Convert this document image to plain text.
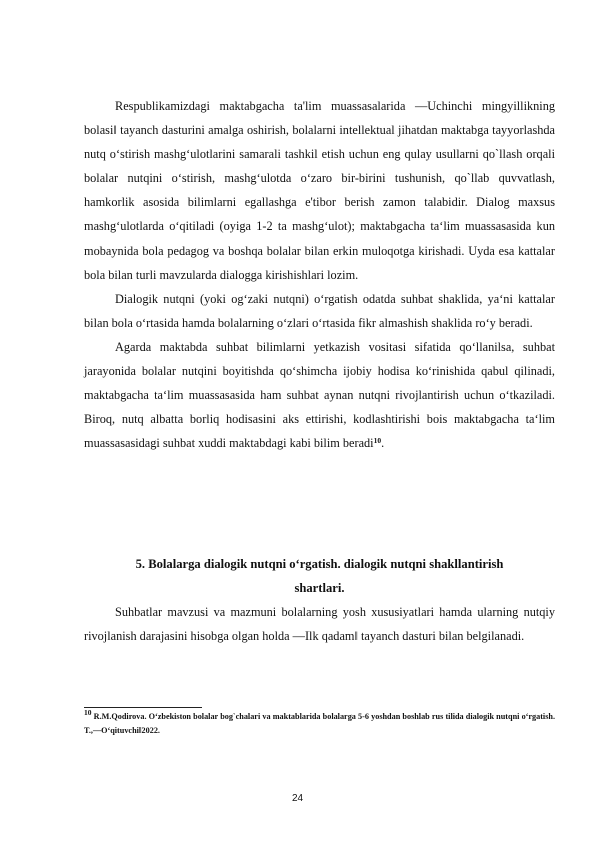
Respublikamizdagi maktabgacha ta'lim muassasalarida ―Uchinchi mingyillikning bolasi‖ tayanch dasturini amalga oshirish, bolalarni intellektual jihatdan maktabga tayyorlashda nutq o‘stirish mashg‘ulotlarini samarali tashkil etish uchun eng qulay usullarni qo`llash orqali bolalar nutqini o‘stirish, mashg‘ulotda o‘zaro bir-birini tushunish, qo`llab quvvatlash, hamkorlik asosida bilimlarni egallashga e'tibor berish zamon talabidir. Dialog maxsus mashg‘ulotlarda o‘qitiladi (oyiga 1-2 ta mashg‘ulot); maktabgacha ta‘lim muassasasida kun mobaynida bola pedagog va boshqa bolalar bilan erkin muloqotga kirishadi. Uyda esa kattalar bola bilan turli mavzularda dialogga kirishishlari lozim.

Dialogik nutqni (yoki og‘zaki nutqni) o‘rgatish odatda suhbat shaklida, ya‘ni kattalar bilan bola o‘rtasida hamda bolalarning o‘zlari o‘rtasida fikr almashish shaklida ro‘y beradi.

Agarda maktabda suhbat bilimlarni yetkazish vositasi sifatida qo‘llanilsa, suhbat jarayonida bolalar nutqini boyitishda qo‘shimcha ijobiy hodisa ko‘rinishida qabul qilinadi, maktabgacha ta‘lim muassasasida ham suhbat aynan nutqni rivojlantirish uchun o‘tkaziladi. Biroq, nutq albatta borliq hodisasini aks ettirishi, kodlashtirishi bois maktabgacha ta‘lim muassasasidagi suhbat xuddi maktabdagi kabi bilim beradi$^{10}$.

5. Bolalarga dialogik nutqni o‘rgatish. dialogik nutqni shakllantirish
shartlari.

Suhbatlar mavzusi va mazmuni bolalarning yosh xususiyatlari hamda ularning nutqiy rivojlanish darajasini hisobga olgan holda ―Ilk qadam‖ tayanch dasturi bilan belgilanadi.

$^{10}$ R.M.Qodirova. O‘zbekiston bolalar bog`chalari va maktablarida bolalarga 5-6 yoshdan boshlab rus tilida dialogik nutqni o‘rgatish. T.,―O‘qituvchi‖2022.
24
